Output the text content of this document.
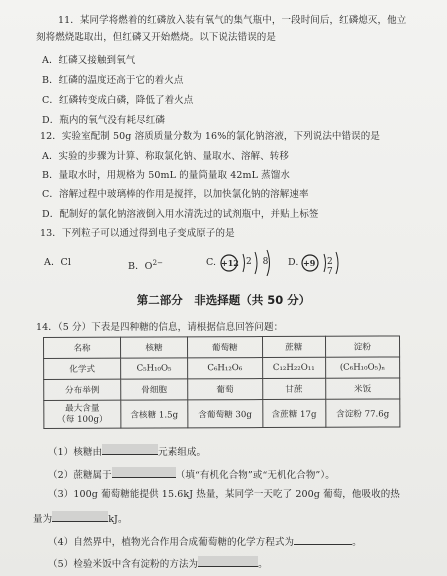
11．某同学将燃着的红磷放入装有氧气的集气瓶中，一段时间后，红磷熄灭，他立
刻将燃烧匙取出，但红磷又开始燃烧。以下说法错误的是
A．红磷又接触到氧气
B．红磷的温度还高于它的着火点
C．红磷转变成白磷，降低了着火点
D．瓶内的氧气没有耗尽红磷
12．实验室配制 50g 溶质质量分数为 16%的氯化钠溶液，下列说法中错误的是
A．实验的步骤为计算、称取氯化钠、量取水、溶解、转移
B．量取水时，用规格为 50mL 的量筒量取 42mL 蒸馏水
C．溶解过程中玻璃棒的作用是搅拌，以加快氯化钠的溶解速率
D．配制好的氯化钠溶液倒入用水清洗过的试剂瓶中，并贴上标签
13．下列粒子可以通过得到电子变成原子的是
A．Cl	B．$O^{2-}$	C. +12 2 8 D. +9 2 7
第二部分　非选择题（共 50 分）
14．（5 分）下表是四种糖的信息，请根据信息回答问题：
名称	核糖	葡萄糖	蔗糖	淀粉
化学式	C₅H₁₀O₅	C₆H₁₂O₆	C₁₂H₂₂O₁₁	(C₆H₁₀O₅)ₙ
分布举例	骨细胞	葡萄	甘蔗	米饭

最大含量
（每 100g）	含核糖 1.5g	含葡萄糖 30g	含蔗糖 17g	含淀粉 77.6g
（1）核糖由	元素组成。
（2）蔗糖属于	（填“有机化合物”或“无机化合物”）。
（3）100g 葡萄糖能提供 15.6kJ 热量，某同学一天吃了 200g 葡萄，他吸收的热
量为	kJ。
（4）自然界中，植物光合作用合成葡萄糖的化学方程式为	。
（5）检验米饭中含有淀粉的方法为	。
